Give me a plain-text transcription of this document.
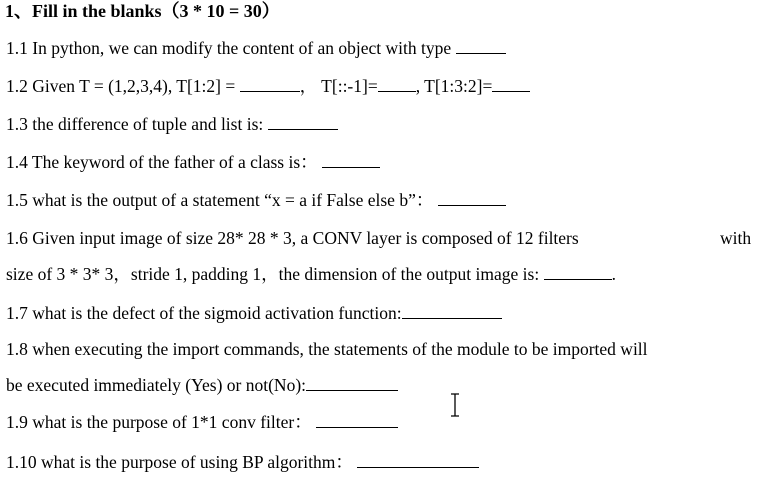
1、Fill in the blanks（3 * 10 = 30）
1.1 In python, we can modify the content of an object with type
1.2 Given T = (1,2,3,4), T[1:2] =	， T[::-1]= , T[1:3:2]=
1.3 the difference of tuple and list is:
1.4 The keyword of the father of a class is：
1.5 what is the output of a statement “x = a if False else b”：
1.6 Given input image of size 28* 28 * 3, a CONV layer is composed of 12 filters	with
size of 3 * 3* 3，stride 1, padding 1，the dimension of the output image is:	.
1.7 what is the defect of the sigmoid activation function:
1.8 when executing the import commands, the statements of the module to be imported will
be executed immediately (Yes) or not(No):
1.9 what is the purpose of 1*1 conv filter：
1.10 what is the purpose of using BP algorithm：
